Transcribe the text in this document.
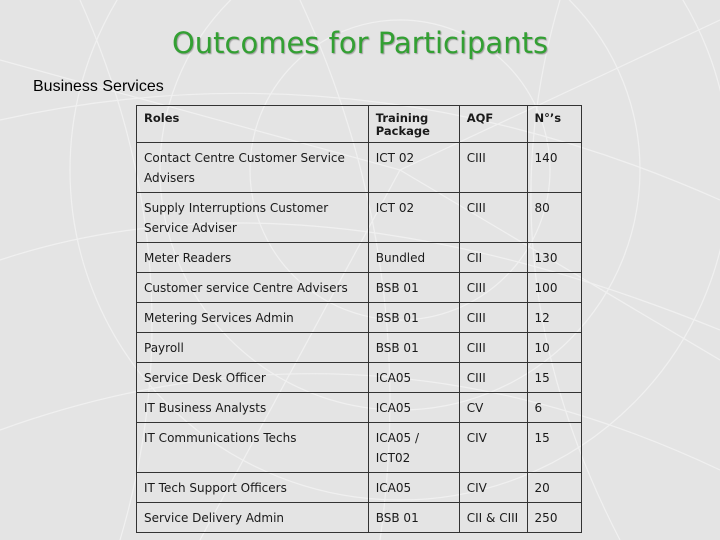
Outcomes for Participants
Business Services
Roles	Training Package	AQF	N°’s
Contact Centre Customer Service Advisers	ICT 02	CIII	140
Supply Interruptions Customer Service Adviser	ICT 02	CIII	80
Meter Readers	Bundled	CII	130
Customer service Centre Advisers	BSB 01	CIII	100
Metering Services Admin	BSB 01	CIII	12
Payroll	BSB 01	CIII	10
Service Desk Officer	ICA05	CIII	15
IT Business Analysts	ICA05	CV	6
IT Communications Techs	ICA05 / ICT02	CIV	15
IT Tech Support Officers	ICA05	CIV	20
Service Delivery Admin	BSB 01	CII & CIII	250
